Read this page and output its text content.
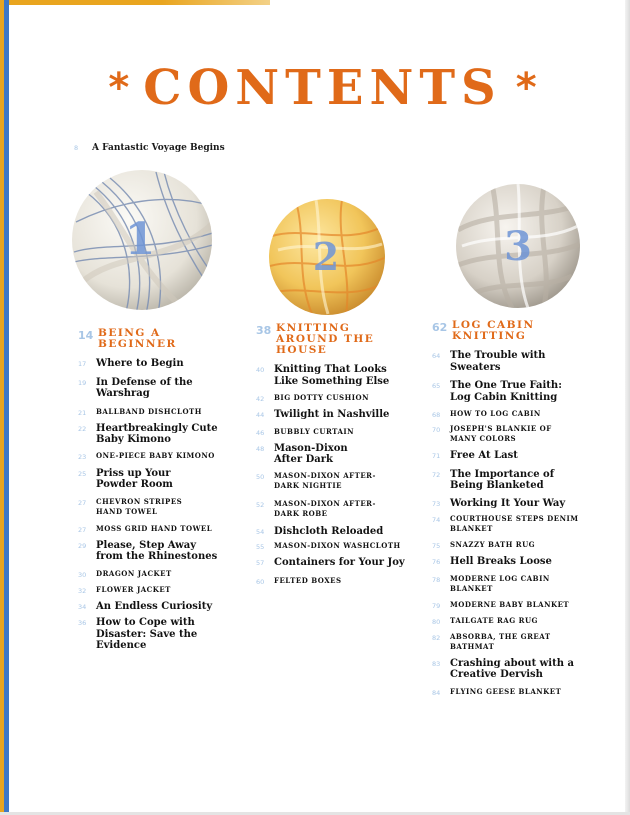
* CONTENTS *
8	A Fantastic Voyage Begins
1	2	3
14 BEING A
BEGINNER
17 Where to Begin
19 In Defense of the Warshrag
21	BALLBAND DISHCLOTH
22 Heartbreakingly Cute Baby Kimono
23	ONE-PIECE BABY KIMONO
25 Priss up Your Powder Room
27	CHEVRON STRIPES HAND TOWEL
27	MOSS GRID HAND TOWEL
29 Please, Step Away from the Rhinestones
30	DRAGON JACKET
32	FLOWER JACKET
34 An Endless Curiosity
36 How to Cope with Disaster: Save the Evidence
38 KNITTING
AROUND THE
HOUSE
40 Knitting That Looks Like Something Else
42	BIG DOTTY CUSHION
44 Twilight in Nashville
46	BUBBLY CURTAIN
48 Mason-Dixon After Dark
50	MASON-DIXON AFTER-DARK NIGHTIE
52	MASON-DIXON AFTER-DARK ROBE
54 Dishcloth Reloaded
55	MASON-DIXON WASHCLOTH
57 Containers for Your Joy
60	FELTED BOXES
62 LOG CABIN
KNITTING
64 The Trouble with Sweaters
65 The One True Faith: Log Cabin Knitting
68	HOW TO LOG CABIN
70	JOSEPH'S BLANKIE OF MANY COLORS
71 Free At Last
72 The Importance of Being Blanketed
73 Working It Your Way
74	COURTHOUSE STEPS DENIM BLANKET
75	SNAZZY BATH RUG
76 Hell Breaks Loose
78	MODERNE LOG CABIN BLANKET
79	MODERNE BABY BLANKET
80	TAILGATE RAG RUG
82	ABSORBA, THE GREAT BATHMAT
83 Crashing about with a Creative Dervish
84	FLYING GEESE BLANKET
